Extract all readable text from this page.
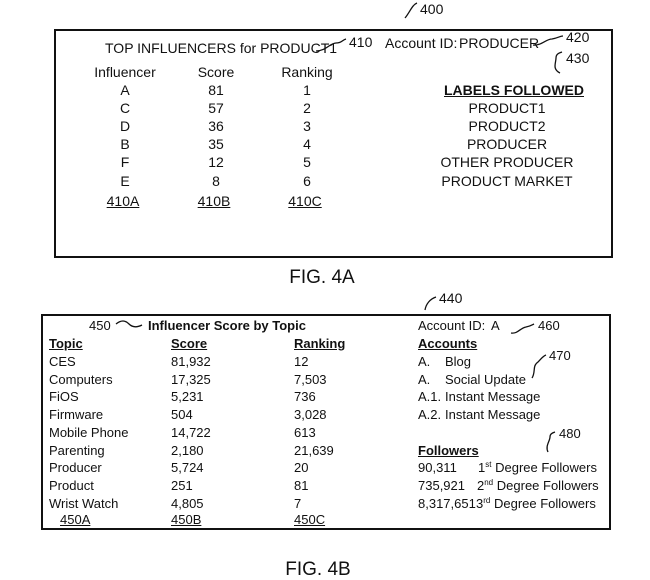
400
TOP INFLUENCERS for PRODUCT1 410 Account ID: PRODUCER 420
430
Influencer	Score	Ranking
A	81	1
C	57	2
D	36	3
B	35	4
F	12	5
E	8	6
410A	410B	410C
LABELS FOLLOWED
PRODUCT1
PRODUCT2
PRODUCER
OTHER PRODUCER
PRODUCT MARKET
FIG. 4A
440
450	Influencer Score by Topic	Account ID: A	460
Topic	Score	Ranking
CES	81,932	12
Computers	17,325	7,503
FiOS	5,231	736
Firmware	504	3,028
Mobile Phone	14,722	613
Parenting	2,180	21,639
Producer	5,724	20
Product	251	81
Wrist Watch	4,805	7
450A	450B	450C
Accounts
470
A. Blog
A. Social Update
A.1. Instant Message
A.2. Instant Message
Followers
480
90,311 1st Degree Followers
735,921 2nd Degree Followers
8,317,651 3rd Degree Followers
FIG. 4B
